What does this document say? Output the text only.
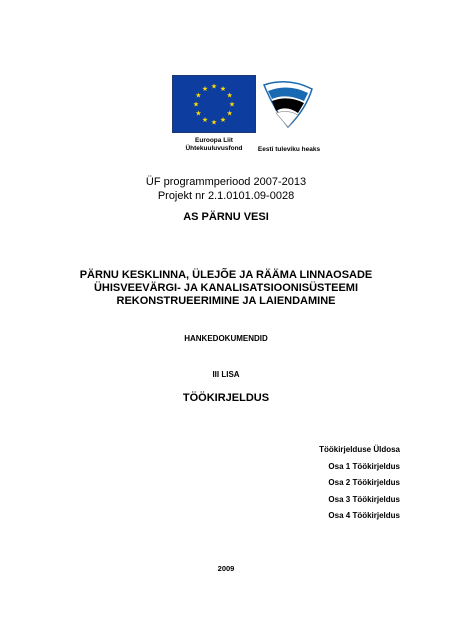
★ ★
★
★
★
★
★
★
★
★
★
★
Euroopa Liit
Ühtekuuluvusfond	Eesti tuleviku heaks
ÜF programmperiood 2007-2013
Projekt nr 2.1.0101.09-0028
AS PÄRNU VESI
PÄRNU KESKLINNA, ÜLEJÕE JA RÄÄMA LINNAOSADE
ÜHISVEEVÄRGI- JA KANALISATSIOONISÜSTEEMI
REKONSTRUEERIMINE JA LAIENDAMINE
HANKEDOKUMENDID
III LISA
TÖÖKIRJELDUS
Töökirjelduse Üldosa
Osa 1 Töökirjeldus
Osa 2 Töökirjeldus
Osa 3 Töökirjeldus
Osa 4 Töökirjeldus
2009
